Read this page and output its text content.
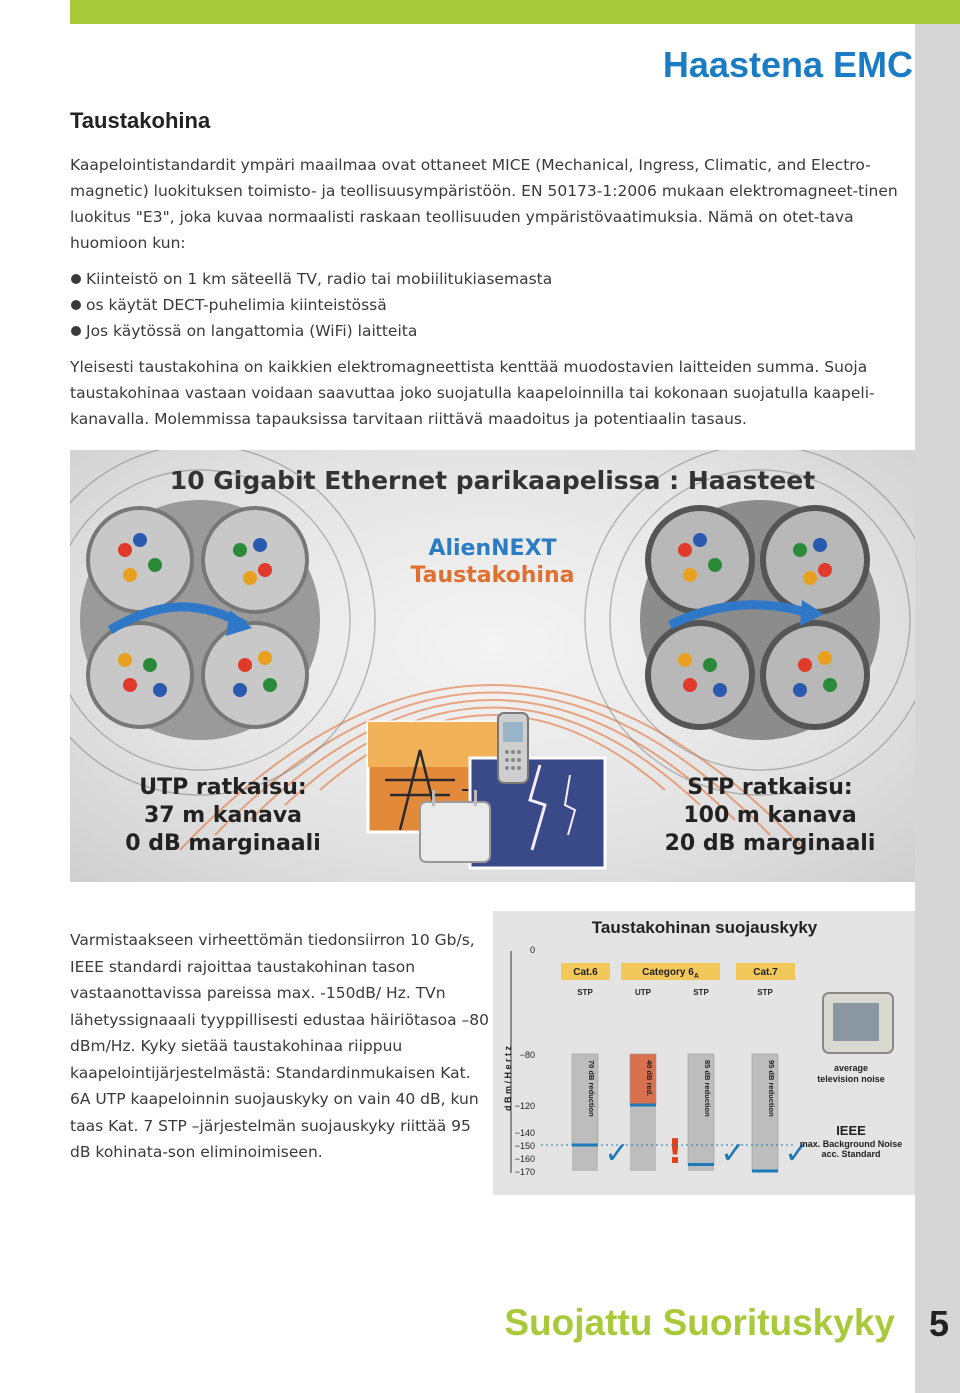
Haastena EMC
Taustakohina

Kaapelointistandardit ympäri maailmaa ovat ottaneet MICE (Mechanical, Ingress, Climatic, and Electro-magnetic) luokituksen toimisto- ja teollisuusympäristöön. EN 50173-1:2006 mukaan elektromagneet-tinen luokitus "E3", joka kuvaa normaalisti raskaan teollisuuden ympäristövaatimuksia. Nämä on otet-tava huomioon kun:

Kiinteistö on 1 km säteellä TV, radio tai mobiilitukiasemasta
os käytät DECT-puhelimia kiinteistössä
Jos käytössä on langattomia (WiFi) laitteita

Yleisesti taustakohina on kaikkien elektromagneettista kenttää muodostavien laitteiden summa. Suoja taustakohinaa vastaan voidaan saavuttaa joko suojatulla kaapeloinnilla tai kokonaan suojatulla kaapeli-kanavalla. Molemmissa tapauksissa tarvitaan riittävä maadoitus ja potentiaalin tasaus.

10 Gigabit Ethernet parikaapelissa : Haasteet
AlienNEXT
Taustakohina
UTP ratkaisu:
37 m kanava
0 dB marginaali
STP ratkaisu:
100 m kanava
20 dB marginaali

Varmistaakseen virheettömän tiedonsiirron 10 Gb/s, IEEE standardi rajoittaa taustakohinan tason vastaanottavissa pareissa max. -150dB/ Hz. TVn lähetyssignaaali tyyppillisesti edustaa häiriötasoa –80 dBm/Hz. Kyky sietää taustakohinaa riippuu kaapelointijärjestelmästä: Standardinmukaisen Kat. 6A UTP kaapeloinnin suojauskyky on vain 40 dB, kun taas Kat. 7 STP –järjestelmän suojauskyky riittää 95 dB kohinata-son eliminoimiseen.

Taustakohinan suojauskyky
d B m / H e r t z
0
−80
−120
−140
−150
−160
−170
Cat.6	Category $6_A$	Cat.7
STP
70 dB reduction
✓
UTP
40 dB red.
!
STP
85 dB reduction
✓
STP
95 dB reduction
✓
average
television noise
IEEE
max. Background Noise
acc. Standard
Suojattu Suorituskyky 5
